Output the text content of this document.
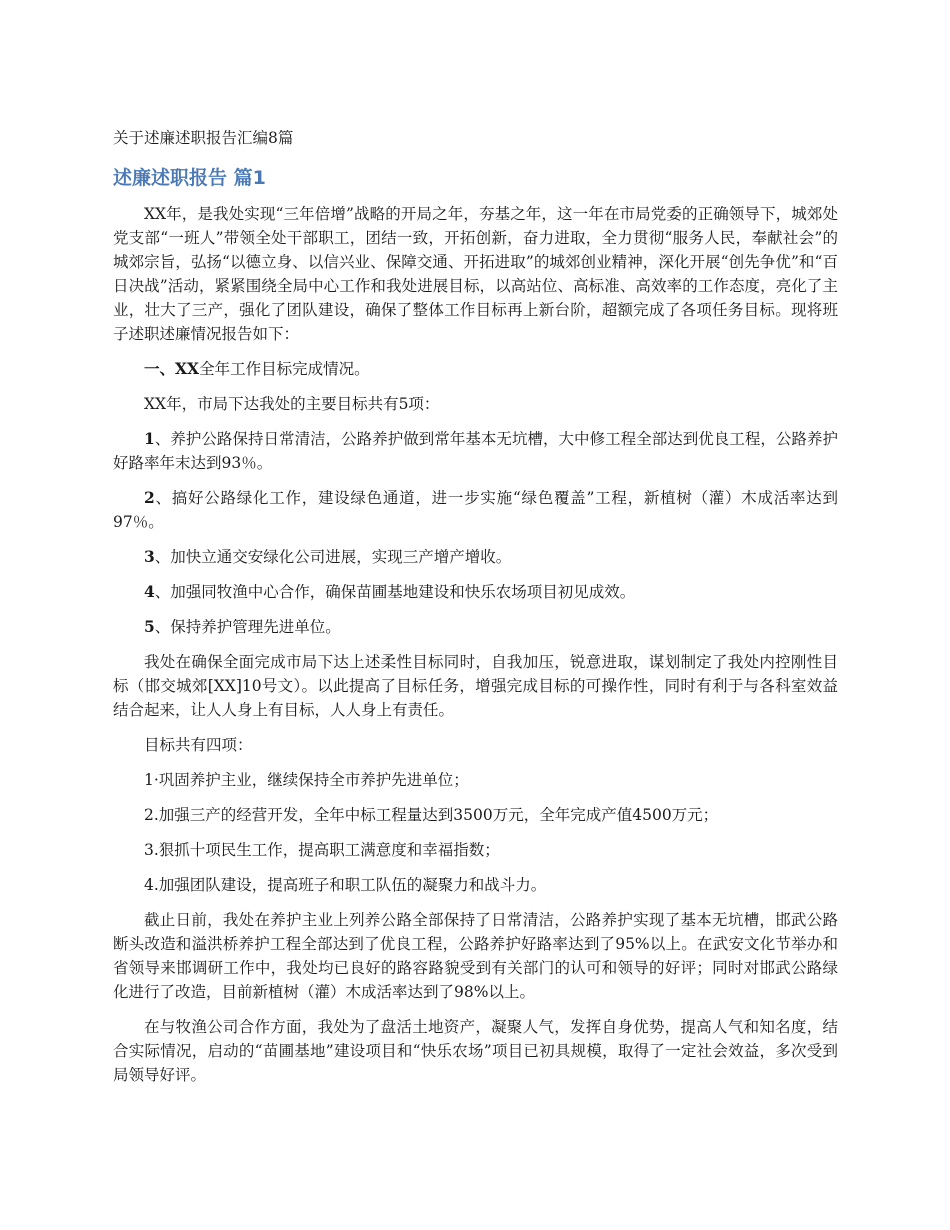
关于述廉述职报告汇编8篇

述廉述职报告 篇1

XX年，是我处实现“三年倍增”战略的开局之年，夯基之年，这一年在市局党委的正确领导下，城郊处党支部“一班人”带领全处干部职工，团结一致，开拓创新，奋力进取，全力贯彻“服务人民，奉献社会”的城郊宗旨，弘扬“以德立身、以信兴业、保障交通、开拓进取”的城郊创业精神，深化开展“创先争优”和“百日决战”活动，紧紧围绕全局中心工作和我处进展目标，以高站位、高标准、高效率的工作态度，亮化了主业，壮大了三产，强化了团队建设，确保了整体工作目标再上新台阶，超额完成了各项任务目标。现将班子述职述廉情况报告如下：

一、XX全年工作目标完成情况。

XX年，市局下达我处的主要目标共有5项：

1、养护公路保持日常清洁，公路养护做到常年基本无坑槽，大中修工程全部达到优良工程，公路养护好路率年末达到93％。

2、搞好公路绿化工作，建设绿色通道，进一步实施“绿色覆盖”工程，新植树（灌）木成活率达到97％。

3、加快立通交安绿化公司进展，实现三产增产增收。

4、加强同牧渔中心合作，确保苗圃基地建设和快乐农场项目初见成效。

5、保持养护管理先进单位。

我处在确保全面完成市局下达上述柔性目标同时，自我加压，锐意进取，谋划制定了我处内控刚性目标（邯交城郊[XX]10号文）。以此提高了目标任务，增强完成目标的可操作性，同时有利于与各科室效益结合起来，让人人身上有目标，人人身上有责任。

目标共有四项：

1·巩固养护主业，继续保持全市养护先进单位；

2.加强三产的经营开发，全年中标工程量达到3500万元，全年完成产值4500万元；

3.狠抓十项民生工作，提高职工满意度和幸福指数；

4.加强团队建设，提高班子和职工队伍的凝聚力和战斗力。

截止日前，我处在养护主业上列养公路全部保持了日常清洁，公路养护实现了基本无坑槽，邯武公路断头改造和溢洪桥养护工程全部达到了优良工程，公路养护好路率达到了95%以上。在武安文化节举办和省领导来邯调研工作中，我处均已良好的路容路貌受到有关部门的认可和领导的好评；同时对邯武公路绿化进行了改造，目前新植树（灌）木成活率达到了98%以上。

在与牧渔公司合作方面，我处为了盘活土地资产，凝聚人气，发挥自身优势，提高人气和知名度，结合实际情况，启动的“苗圃基地”建设项目和“快乐农场”项目已初具规模，取得了一定社会效益，多次受到局领导好评。
